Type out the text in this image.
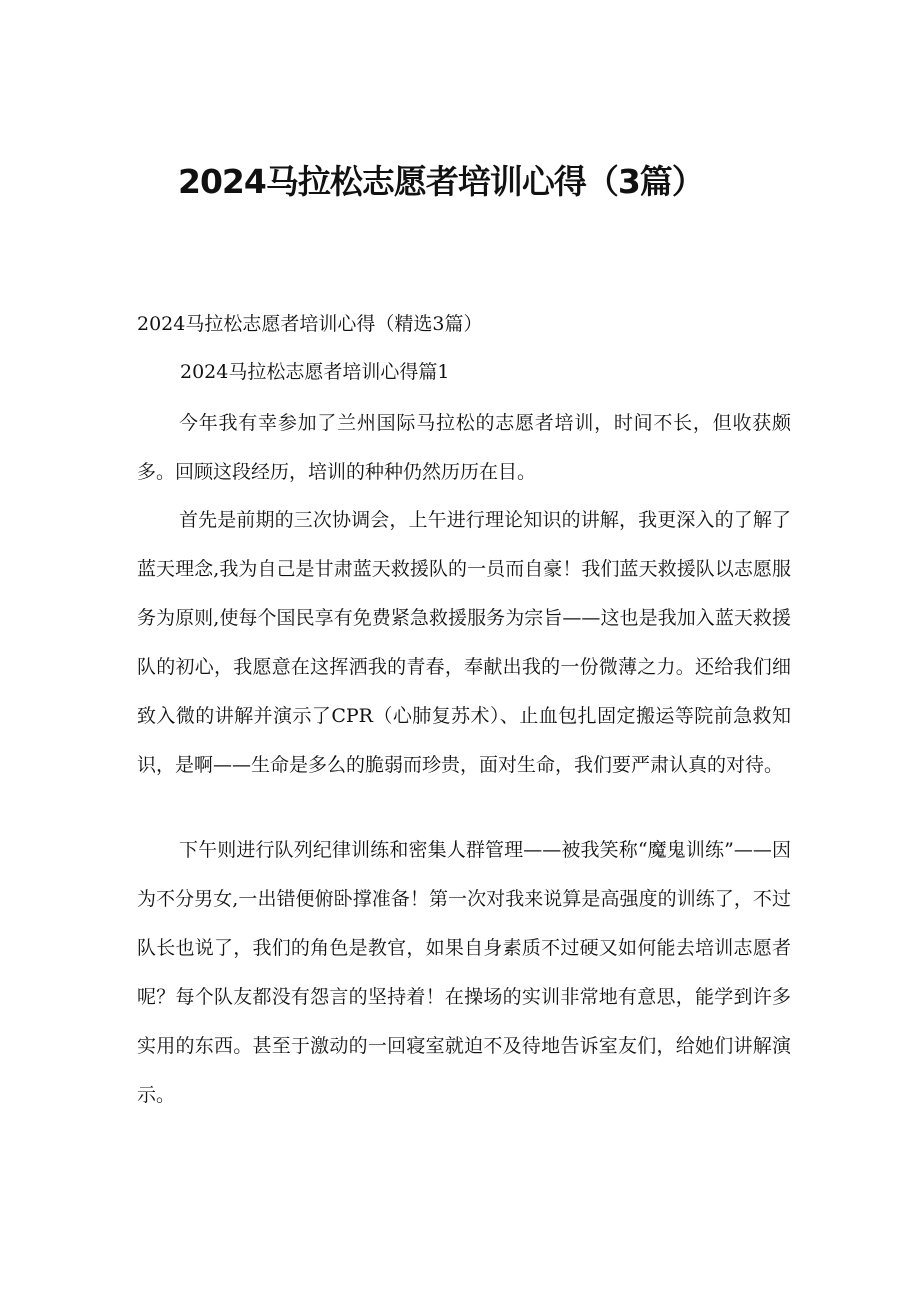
2024马拉松志愿者培训心得（3篇）
2024马拉松志愿者培训心得（精选3篇）
2024马拉松志愿者培训心得篇1

今年我有幸参加了兰州国际马拉松的志愿者培训，时间不长，但收获颇多。回顾这段经历，培训的种种仍然历历在目。

首先是前期的三次协调会，上午进行理论知识的讲解，我更深入的了解了蓝天理念,我为自己是甘肃蓝天救援队的一员而自豪！我们蓝天救援队以志愿服务为原则,使每个国民享有免费紧急救援服务为宗旨——这也是我加入蓝天救援队的初心，我愿意在这挥洒我的青春，奉献出我的一份微薄之力。还给我们细致入微的讲解并演示了CPR（心肺复苏术）、止血包扎固定搬运等院前急救知识，是啊——生命是多么的脆弱而珍贵，面对生命，我们要严肃认真的对待。

下午则进行队列纪律训练和密集人群管理——被我笑称“魔鬼训练”——因为不分男女,一出错便俯卧撑准备！第一次对我来说算是高强度的训练了，不过队长也说了，我们的角色是教官，如果自身素质不过硬又如何能去培训志愿者呢？每个队友都没有怨言的坚持着！在操场的实训非常地有意思，能学到许多实用的东西。甚至于激动的一回寝室就迫不及待地告诉室友们，给她们讲解演示。
